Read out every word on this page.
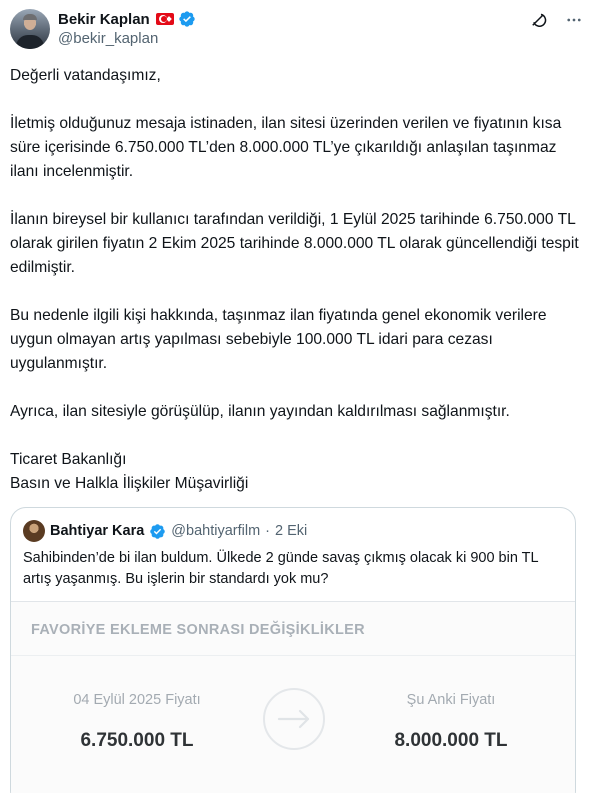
Bekir Kaplan
@bekir_kaplan

Değerli vatandaşımız,

İletmiş olduğunuz mesaja istinaden, ilan sitesi üzerinden verilen ve fiyatının kısa süre içerisinde 6.750.000 TL’den 8.000.000 TL’ye çıkarıldığı anlaşılan taşınmaz ilanı incelenmiştir.

İlanın bireysel bir kullanıcı tarafından verildiği, 1 Eylül 2025 tarihinde 6.750.000 TL olarak girilen fiyatın 2 Ekim 2025 tarihinde 8.000.000 TL olarak güncellendiği tespit edilmiştir.

Bu nedenle ilgili kişi hakkında, taşınmaz ilan fiyatında genel ekonomik verilere uygun olmayan artış yapılması sebebiyle 100.000 TL idari para cezası uygulanmıştır.

Ayrıca, ilan sitesiyle görüşülüp, ilanın yayından kaldırılması sağlanmıştır.

Ticaret Bakanlığı
Basın ve Halkla İlişkiler Müşavirliği

Bahtiyar Kara @bahtiyarfilm · 2 Eki
Sahibinden’de bi ilan buldum. Ülkede 2 günde savaş çıkmış olacak ki 900 bin TL artış yaşanmış. Bu işlerin bir standardı yok mu?
FAVORİYE EKLEME SONRASI DEĞİŞİKLİKLER
04 Eylül 2025 Fiyatı
6.750.000 TL
Şu Anki Fiyatı
8.000.000 TL
